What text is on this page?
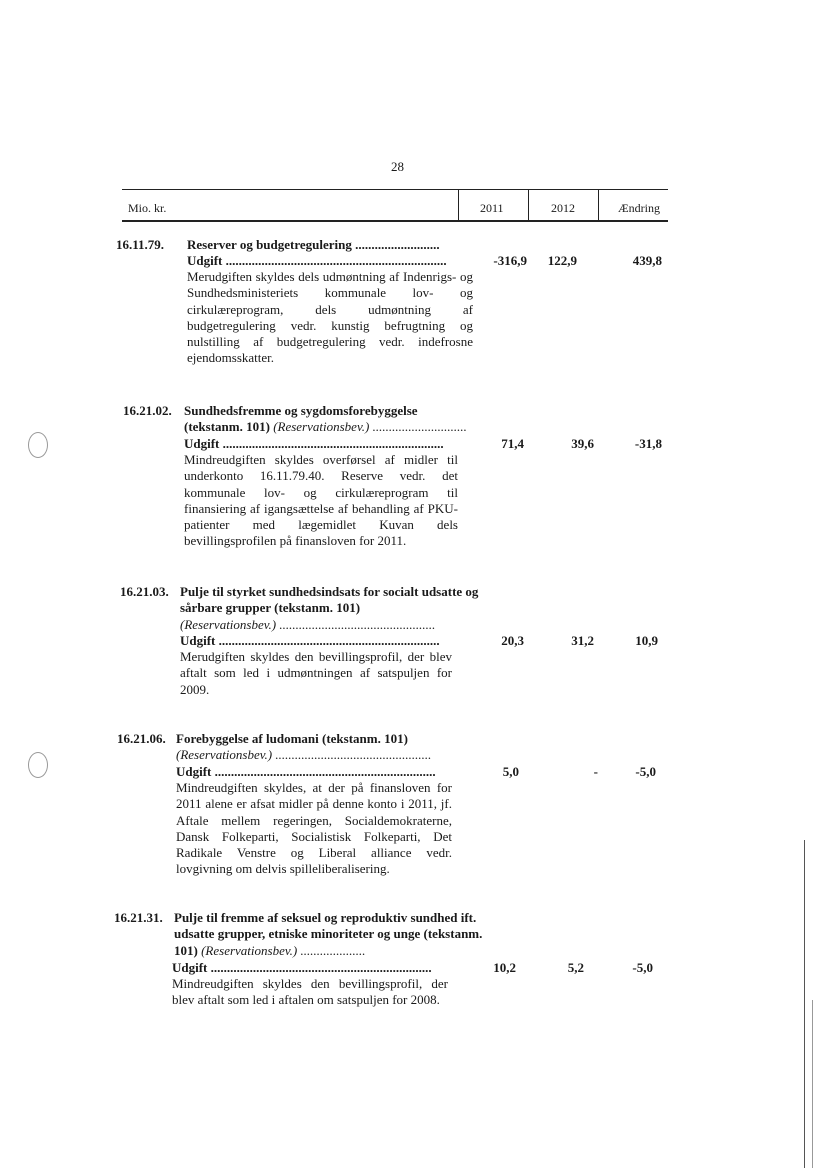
28
Mio. kr.	2011	2012	Ændring
16.11.79. Reserver og budgetregulering ..........................
Udgift ....................................................................
Merudgiften skyldes dels udmøntning af Indenrigs- og Sundhedsministeriets kommunale lov- og cirkulæreprogram, dels udmøntning af budgetregulering vedr. kunstig befrugtning og nulstilling af budgetregulering vedr. indefrosne ejendomsskatter.
-316,9	122,9	439,8
16.21.02. Sundhedsfremme og sygdomsforebyggelse (tekstanm. 101) (Reservationsbev.) .............................
Udgift ....................................................................
Mindreudgiften skyldes overførsel af midler til underkonto 16.11.79.40. Reserve vedr. det kommunale lov- og cirkulæreprogram til finansiering af igangsættelse af behandling af PKU-patienter med lægemidlet Kuvan dels bevillingsprofilen på finansloven for 2011.
71,4	39,6	-31,8
16.21.03. Pulje til styrket sundhedsindsats for socialt udsatte og sårbare grupper (tekstanm. 101)
(Reservationsbev.) ................................................
Udgift ....................................................................
Merudgiften skyldes den bevillingsprofil, der blev aftalt som led i udmøntningen af satspuljen for 2009.
20,3	31,2	10,9
16.21.06. Forebyggelse af ludomani (tekstanm. 101)
(Reservationsbev.) ................................................
Udgift ....................................................................
Mindreudgiften skyldes, at der på finansloven for 2011 alene er afsat midler på denne konto i 2011, jf. Aftale mellem regeringen, Socialdemokraterne, Dansk Folkeparti, Socialistisk Folkeparti, Det Radikale Venstre og Liberal alliance vedr. lovgivning om delvis spilleliberalisering.
5,0	-	-5,0
16.21.31. Pulje til fremme af seksuel og reproduktiv sundhed ift. udsatte grupper, etniske minoriteter og unge (tekstanm. 101) (Reservationsbev.) ....................
Udgift ....................................................................
Mindreudgiften skyldes den bevillingsprofil, der blev aftalt som led i aftalen om satspuljen for 2008.
10,2	5,2	-5,0
